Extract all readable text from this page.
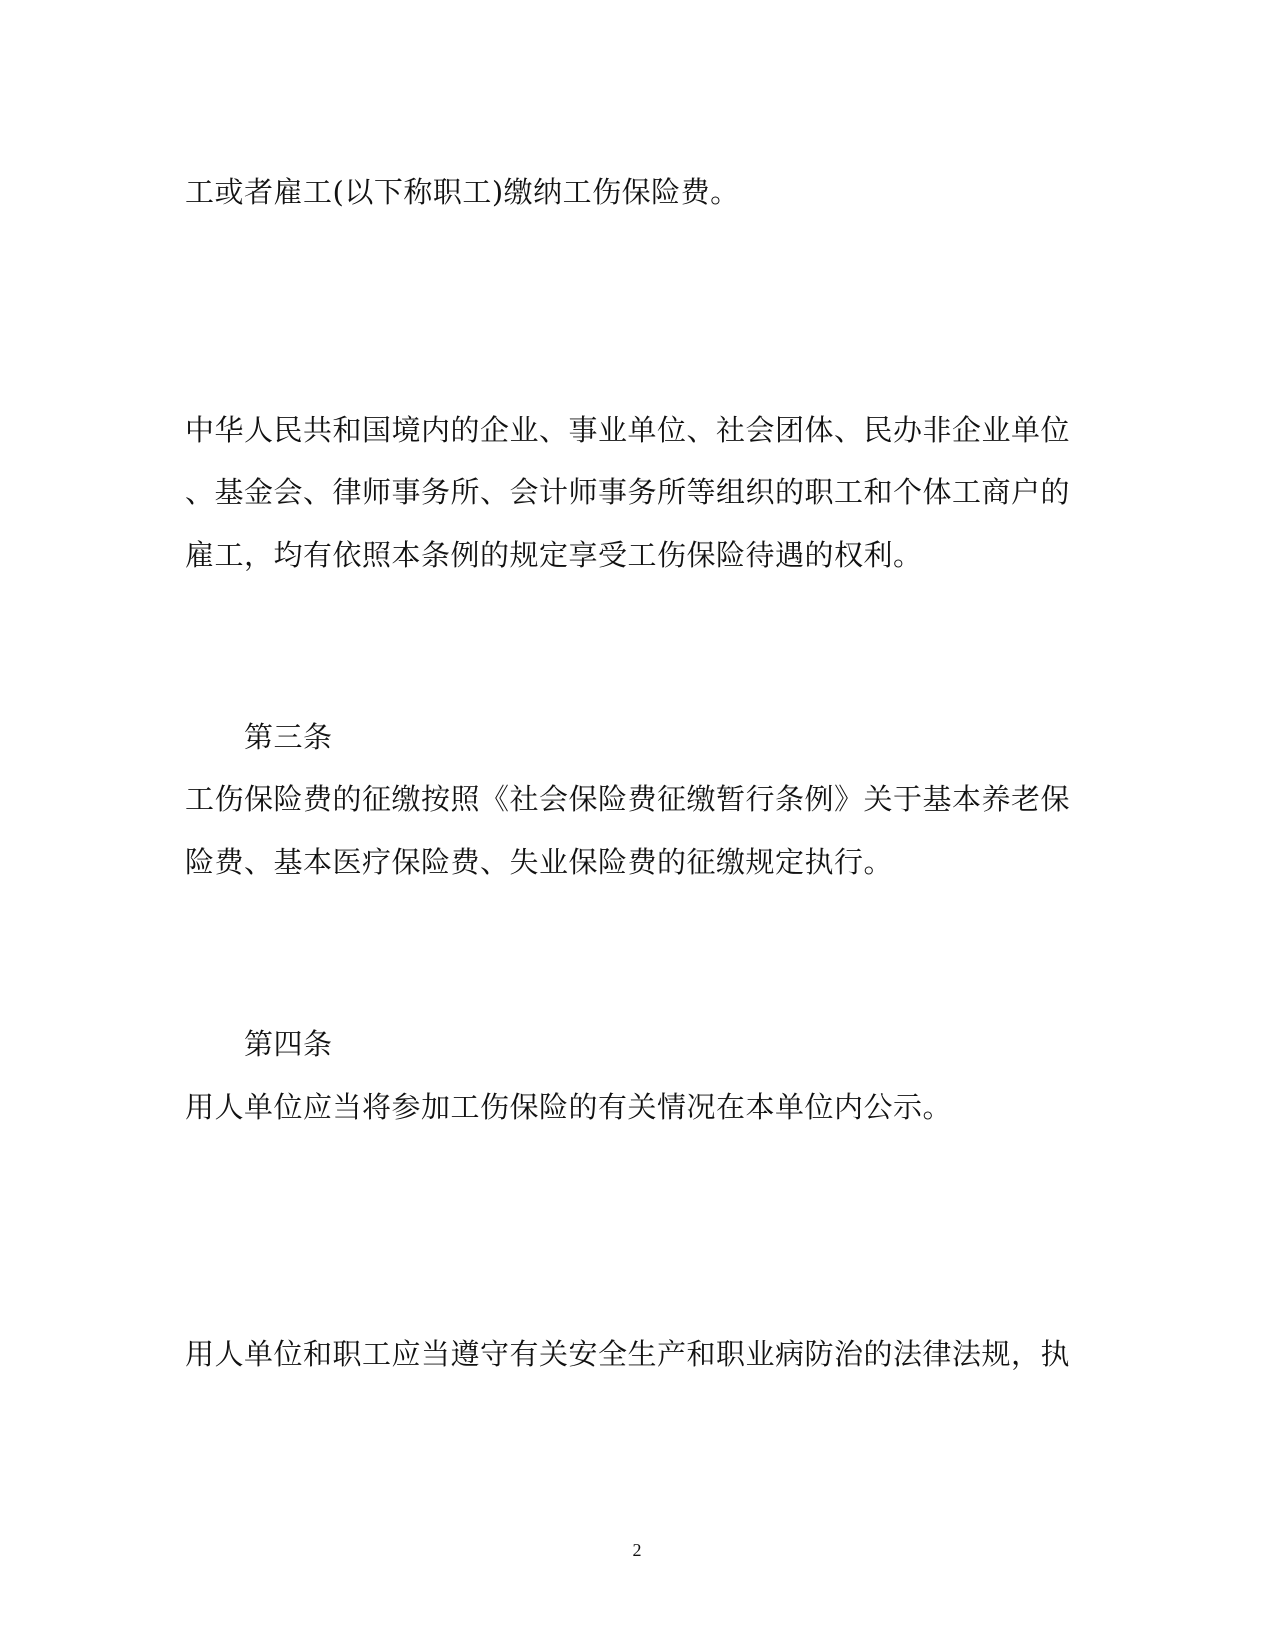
工或者雇工(以下称职工)缴纳工伤保险费。
中华人民共和国境内的企业、事业单位、社会团体、民办非企业单位
、基金会、律师事务所、会计师事务所等组织的职工和个体工商户的
雇工，均有依照本条例的规定享受工伤保险待遇的权利。
第三条
工伤保险费的征缴按照《社会保险费征缴暂行条例》关于基本养老保
险费、基本医疗保险费、失业保险费的征缴规定执行。
第四条
用人单位应当将参加工伤保险的有关情况在本单位内公示。
用人单位和职工应当遵守有关安全生产和职业病防治的法律法规，执
2
